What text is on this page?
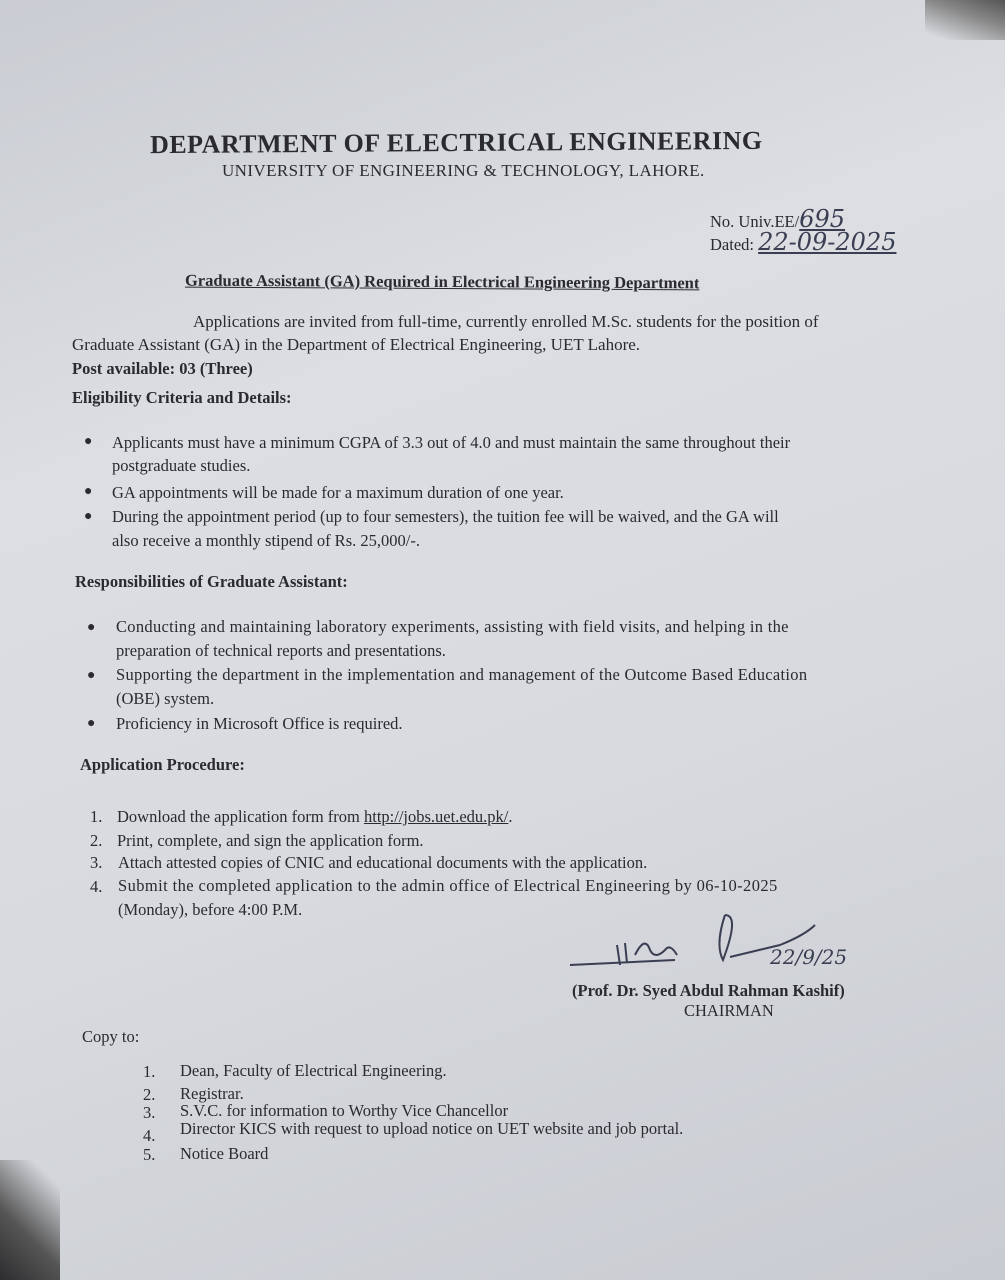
DEPARTMENT OF ELECTRICAL ENGINEERING
UNIVERSITY OF ENGINEERING & TECHNOLOGY, LAHORE.
No. Univ.EE/695
Dated: 22-09-2025
Graduate Assistant (GA) Required in Electrical Engineering Department
Applications are invited from full-time, currently enrolled M.Sc. students for the position of
Graduate Assistant (GA) in the Department of Electrical Engineering, UET Lahore.
Post available: 03 (Three)
Eligibility Criteria and Details:
● Applicants must have a minimum CGPA of 3.3 out of 4.0 and must maintain the same throughout their
postgraduate studies.
● GA appointments will be made for a maximum duration of one year.
● During the appointment period (up to four semesters), the tuition fee will be waived, and the GA will
also receive a monthly stipend of Rs. 25,000/-.
Responsibilities of Graduate Assistant:
● Conducting and maintaining laboratory experiments, assisting with field visits, and helping in the
preparation of technical reports and presentations.
● Supporting the department in the implementation and management of the Outcome Based Education
(OBE) system.
● Proficiency in Microsoft Office is required.
Application Procedure:
1. Download the application form from http://jobs.uet.edu.pk/.
2. Print, complete, and sign the application form.
3. Attach attested copies of CNIC and educational documents with the application.
4. Submit the completed application to the admin office of Electrical Engineering by 06-10-2025
(Monday), before 4:00 P.M.
22/9/25
(Prof. Dr. Syed Abdul Rahman Kashif)
CHAIRMAN
Copy to:
1. Dean, Faculty of Electrical Engineering.
2. Registrar.
3. S.V.C. for information to Worthy Vice Chancellor
4. Director KICS with request to upload notice on UET website and job portal.
5. Notice Board
